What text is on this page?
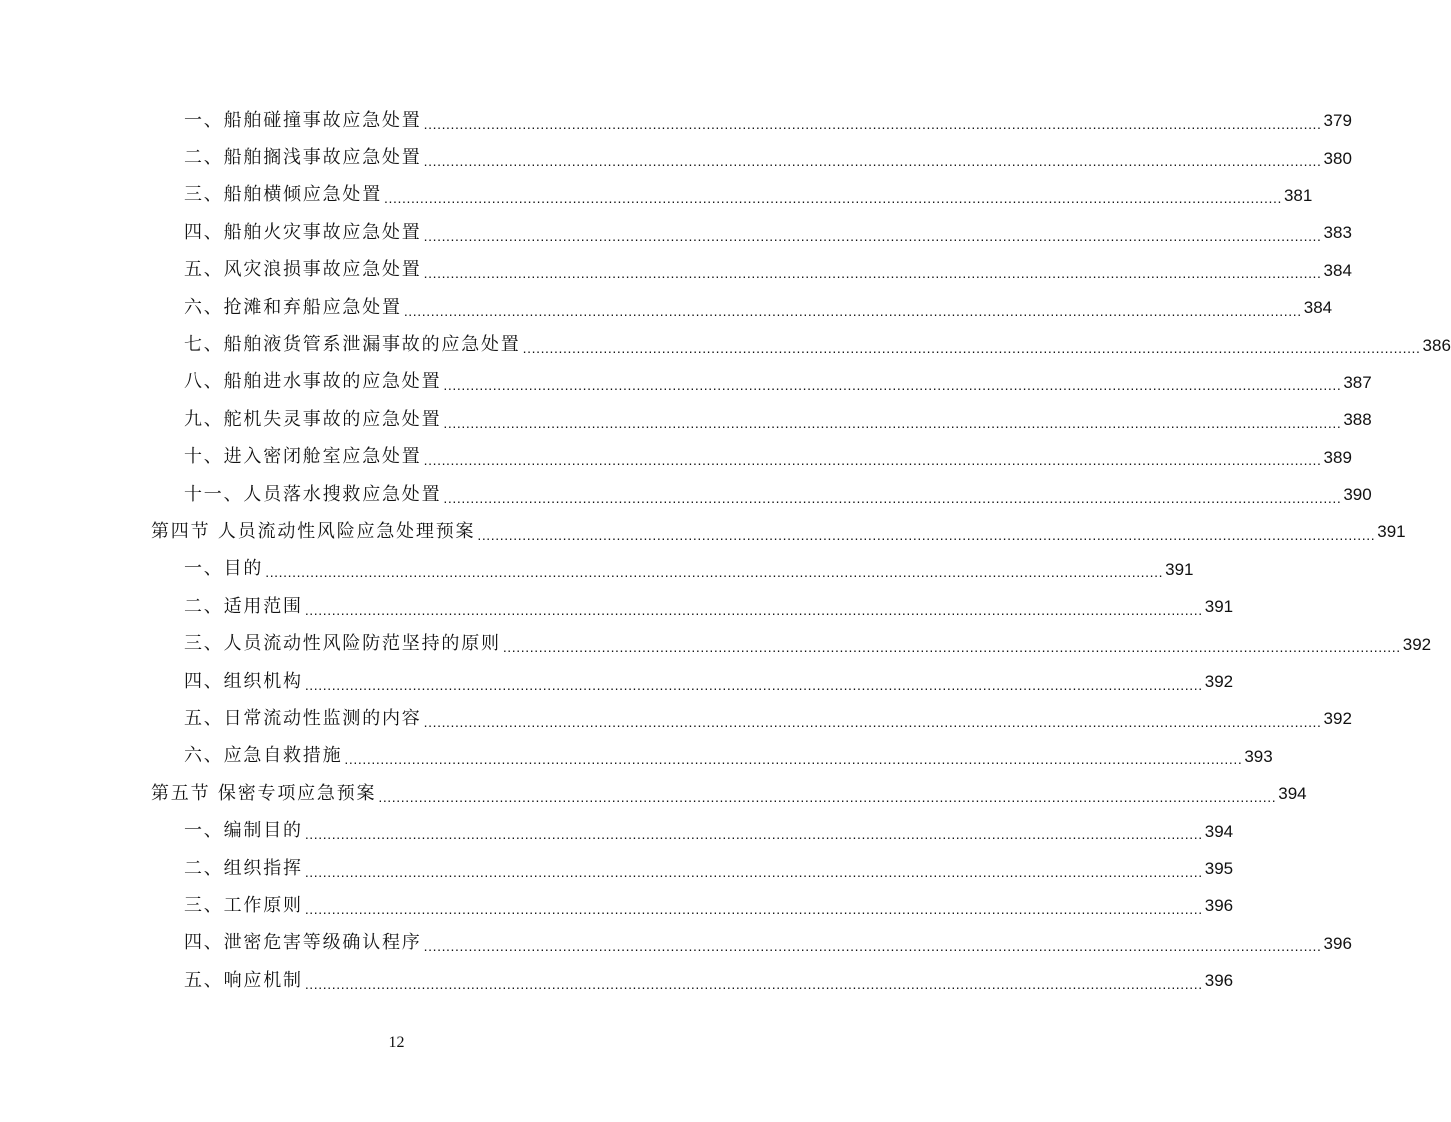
一、船舶碰撞事故应急处置 ........................................................................................................................................................................................................ 379
二、船舶搁浅事故应急处置 ........................................................................................................................................................................................................ 380
三、船舶横倾应急处置 ........................................................................................................................................................................................................ 381
四、船舶火灾事故应急处置 ........................................................................................................................................................................................................ 383
五、风灾浪损事故应急处置 ........................................................................................................................................................................................................ 384
六、抢滩和弃船应急处置 ........................................................................................................................................................................................................ 384
七、船舶液货管系泄漏事故的应急处置 ........................................................................................................................................................................................................ 386
八、船舶进水事故的应急处置 ........................................................................................................................................................................................................ 387
九、舵机失灵事故的应急处置 ........................................................................................................................................................................................................ 388
十、进入密闭舱室应急处置 ........................................................................................................................................................................................................ 389
十一、人员落水搜救应急处置 ........................................................................................................................................................................................................ 390
第四节 人员流动性风险应急处理预案 ........................................................................................................................................................................................................ 391
一、目的 ........................................................................................................................................................................................................ 391
二、适用范围 ........................................................................................................................................................................................................ 391
三、人员流动性风险防范坚持的原则 ........................................................................................................................................................................................................ 392
四、组织机构 ........................................................................................................................................................................................................ 392
五、日常流动性监测的内容 ........................................................................................................................................................................................................ 392
六、应急自救措施 ........................................................................................................................................................................................................ 393
第五节 保密专项应急预案 ........................................................................................................................................................................................................ 394
一、编制目的 ........................................................................................................................................................................................................ 394
二、组织指挥 ........................................................................................................................................................................................................ 395
三、工作原则 ........................................................................................................................................................................................................ 396
四、泄密危害等级确认程序 ........................................................................................................................................................................................................ 396
五、响应机制 ........................................................................................................................................................................................................ 396
12
